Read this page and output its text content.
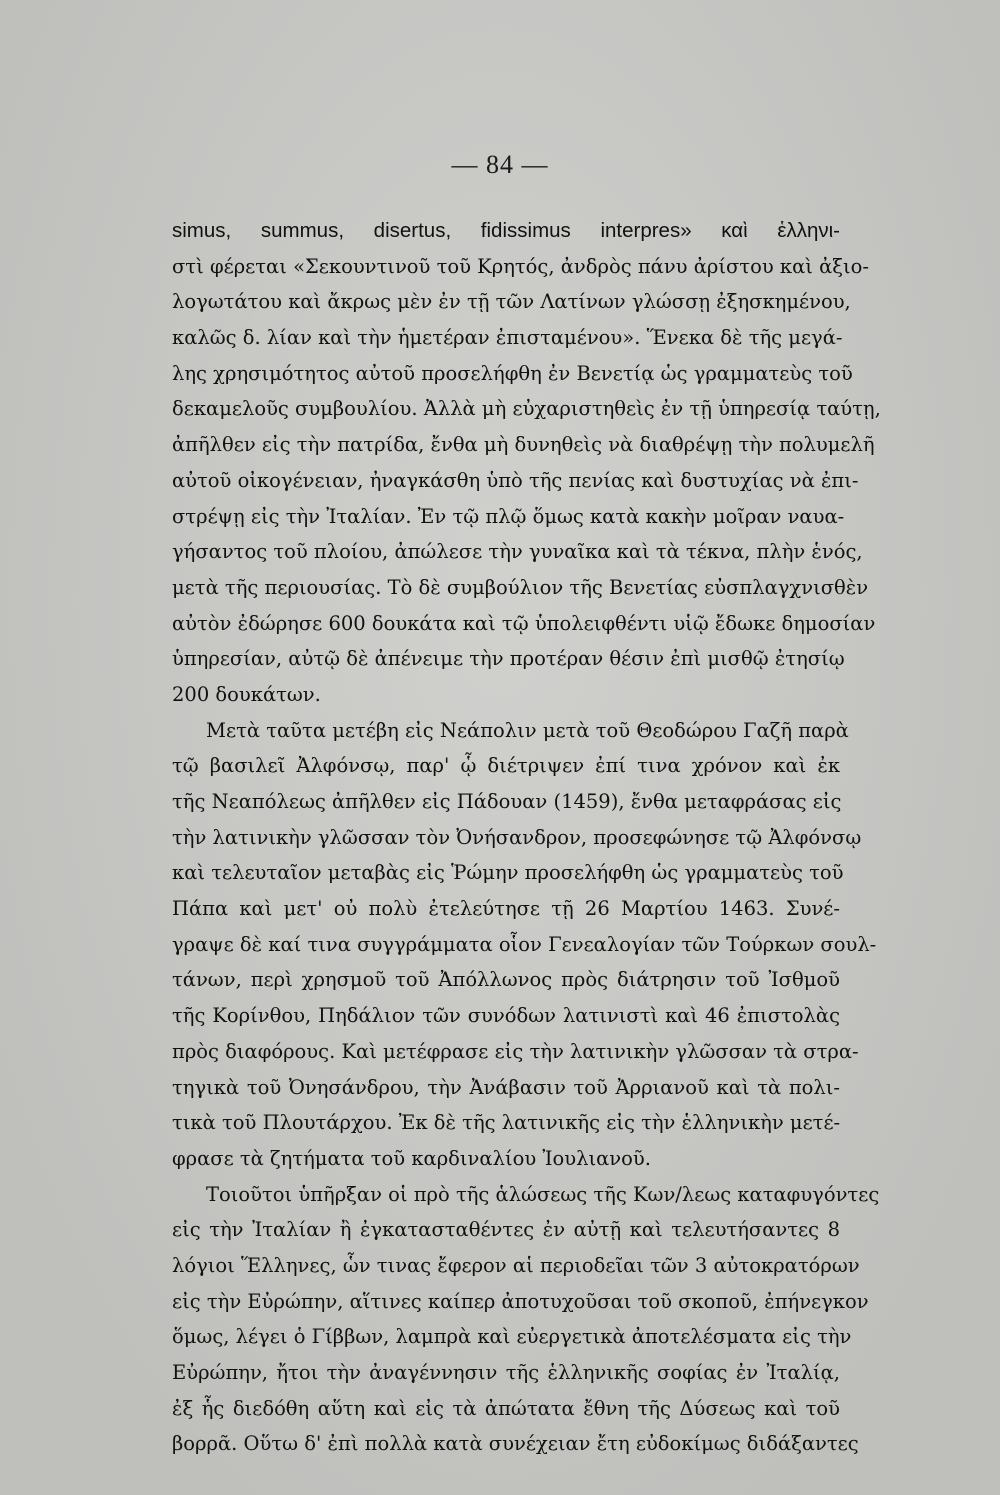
— 84 —
simus, summus, disertus, fidissimus interpres» καὶ ἑλληνι-
στὶ φέρεται «Σεκουντινοῦ τοῦ Κρητός, ἀνδρὸς πάνυ ἀρίστου καὶ ἀξιο-
λογωτάτου καὶ ἄκρως μὲν ἐν τῇ τῶν Λατίνων γλώσσῃ ἐξησκημένου,
καλῶς δ. λίαν καὶ τὴν ἡμετέραν ἐπισταμένου». Ἕνεκα δὲ τῆς μεγά-
λης χρησιμότητος αὐτοῦ προσελήφθη ἐν Βενετίᾳ ὡς γραμματεὺς τοῦ
δεκαμελοῦς συμβουλίου. Ἀλλὰ μὴ εὐχαριστηθεὶς ἐν τῇ ὑπηρεσίᾳ ταύτῃ,
ἀπῆλθεν εἰς τὴν πατρίδα, ἔνθα μὴ δυνηθεὶς νὰ διαθρέψῃ τὴν πολυμελῆ
αὐτοῦ οἰκογένειαν, ἠναγκάσθη ὑπὸ τῆς πενίας καὶ δυστυχίας νὰ ἐπι-
στρέψῃ εἰς τὴν Ἰταλίαν. Ἐν τῷ πλῷ ὅμως κατὰ κακὴν μοῖραν ναυα-
γήσαντος τοῦ πλοίου, ἀπώλεσε τὴν γυναῖκα καὶ τὰ τέκνα, πλὴν ἑνός,
μετὰ τῆς περιουσίας. Τὸ δὲ συμβούλιον τῆς Βενετίας εὐσπλαγχνισθὲν
αὐτὸν ἐδώρησε 600 δουκάτα καὶ τῷ ὑπολειφθέντι υἱῷ ἔδωκε δημοσίαν
ὑπηρεσίαν, αὐτῷ δὲ ἀπένειμε τὴν προτέραν θέσιν ἐπὶ μισθῷ ἐτησίῳ
200 δουκάτων.
Μετὰ ταῦτα μετέβη εἰς Νεάπολιν μετὰ τοῦ Θεοδώρου Γαζῆ παρὰ
τῷ βασιλεῖ Ἀλφόνσῳ, παρ' ᾧ διέτριψεν ἐπί τινα χρόνον καὶ ἐκ
τῆς Νεαπόλεως ἀπῆλθεν εἰς Πάδουαν (1459), ἔνθα μεταφράσας εἰς
τὴν λατινικὴν γλῶσσαν τὸν Ὀνήσανδρον, προσεφώνησε τῷ Ἀλφόνσῳ
καὶ τελευταῖον μεταβὰς εἰς Ῥώμην προσελήφθη ὡς γραμματεὺς τοῦ
Πάπα καὶ μετ' οὐ πολὺ ἐτελεύτησε τῇ 26 Μαρτίου 1463. Συνέ-
γραψε δὲ καί τινα συγγράμματα οἷον Γενεαλογίαν τῶν Τούρκων σουλ-
τάνων, περὶ χρησμοῦ τοῦ Ἀπόλλωνος πρὸς διάτρησιν τοῦ Ἰσθμοῦ
τῆς Κορίνθου, Πηδάλιον τῶν συνόδων λατινιστὶ καὶ 46 ἐπιστολὰς
πρὸς διαφόρους. Καὶ μετέφρασε εἰς τὴν λατινικὴν γλῶσσαν τὰ στρα-
τηγικὰ τοῦ Ὀνησάνδρου, τὴν Ἀνάβασιν τοῦ Ἀρριανοῦ καὶ τὰ πολι-
τικὰ τοῦ Πλουτάρχου. Ἐκ δὲ τῆς λατινικῆς εἰς τὴν ἑλληνικὴν μετέ-
φρασε τὰ ζητήματα τοῦ καρδιναλίου Ἰουλιανοῦ.
Τοιοῦτοι ὑπῆρξαν οἱ πρὸ τῆς ἁλώσεως τῆς Κων/λεως καταφυγόντες
εἰς τὴν Ἰταλίαν ἢ ἐγκατασταθέντες ἐν αὐτῇ καὶ τελευτήσαντες 8
λόγιοι Ἕλληνες, ὧν τινας ἔφερον αἱ περιοδεῖαι τῶν 3 αὐτοκρατόρων
εἰς τὴν Εὐρώπην, αἵτινες καίπερ ἀποτυχοῦσαι τοῦ σκοποῦ, ἐπήνεγκον
ὅμως, λέγει ὁ Γίββων, λαμπρὰ καὶ εὐεργετικὰ ἀποτελέσματα εἰς τὴν
Εὐρώπην, ἤτοι τὴν ἀναγέννησιν τῆς ἑλληνικῆς σοφίας ἐν Ἰταλίᾳ,
ἐξ ἧς διεδόθη αὕτη καὶ εἰς τὰ ἀπώτατα ἔθνη τῆς Δύσεως καὶ τοῦ
βορρᾶ. Οὕτω δ' ἐπὶ πολλὰ κατὰ συνέχειαν ἔτη εὐδοκίμως διδάξαντες
